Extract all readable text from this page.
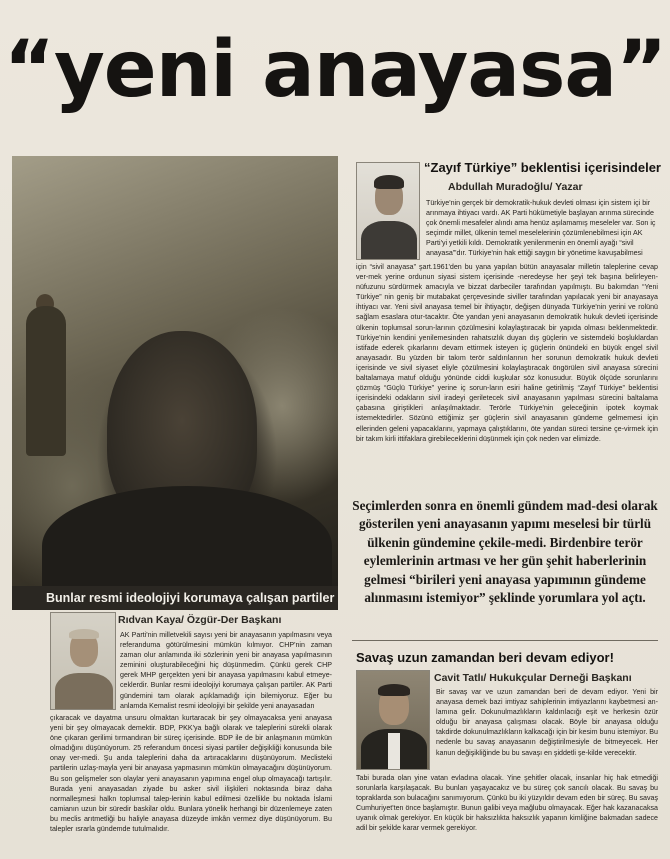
“yeni anayasa”
“Zayıf Türkiye” beklentisi içerisindeler
Abdullah Muradoğlu/ Yazar

Türkiye'nin gerçek bir demokratik-hukuk devleti olması için sistem içi bir

arınmaya ihtiyacı vardı. AK Parti hükümetiyle başlayan arınma sürecinde

çok önemli mesafeler alındı ama henüz aşılamamış meseleler var. Son iç

seçimdir millet, ülkenin temel meselelerinin çözümlenebilmesi için AK

Parti'yi yetkili kıldı. Demokratik yenilenmenin en önemli ayağı “sivil

anayasa”'dır. Türkiye'nin hak ettiği saygın bir yönetime kavuşabilmesi

için “sivil anayasa” şart.1961'den bu yana yapılan bütün anayasalar milletin taleplerine cevap ver-mek yerine ordunun siyasi sistem içerisinde -neredeyse her şeyi tek başına belirleyen- nüfuzunu sürdürmek amacıyla ve bizzat darbeciler tarafından yapılmıştı. Bu bakımdan “Yeni Türkiye” nin geniş bir mutabakat çerçevesinde siviller tarafından yapılacak yeni bir anayasaya ihtiyacı var. Yeni sivil anayasa temel bir ihtiyaçtır, değişen dünyada Türkiye'nin yerini ve rolünü sağlam esaslara otur-tacaktır. Öte yandan yeni anayasanın demokratik hukuk devleti içerisinde ülkenin toplumsal sorun-larının çözülmesini kolaylaştıracak bir yapıda olması beklenmektedir. Türkiye'nin kendini yenilemesinden rahatsızlık duyan dış güçlerin ve sistemdeki boşluklardan istifade ederek çıkarlarını devam ettirmek isteyen iç güçlerin önündeki en büyük engel sivil anayasadır. Bu yüzden bir takım terör saldırılarının her sorunun demokratik hukuk devleti içerisinde ve sivil siyaset eliyle çözülmesini kolaylaştıracak öngörülen sivil anayasa sürecini baltalamaya matuf olduğu yönünde ciddi kuşkular söz konusudur. Büyük ölçüde sorunlarını çözmüş “Güçlü Türkiye” yerine iç sorun-ların esiri haline getirilmiş “Zayıf Türkiye” beklentisi içerisindeki odakların sivil iradeyi geriletecek sivil anayasanın yapılması sürecini baltalama çabasına giriştikleri anlaşılmaktadır. Terörle Türkiye'nin geleceğinin ipotek koymak istemektedirler. Sözünü ettiğimiz şer güçlerin sivil anayasanın gündeme gelmemesi için ellerinden geleni yapacaklarını, yapmaya çalıştıklarını, öte yandan süreci tersine çe-virmek için bir takım kirli ittifaklara girebileceklerini düşünmek için çok neden var elimizde.
Seçimlerden sonra en önemli gündem mad-desi olarak gösterilen yeni anayasanın yapımı meselesi bir türlü ülkenin gündemine çekile-medi. Birdenbire terör eylemlerinin artması ve her gün şehit haberlerinin gelmesi “birileri yeni anayasa yapımının gündeme alınmasını istemiyor” şeklinde yorumlara yol açtı.
Bunlar resmi ideolojiyi korumaya çalışan partiler
Rıdvan Kaya/ Özgür-Der Başkanı
AK Parti'nin milletvekili sayısı yeni bir anayasanın yapılmasını veya referanduma götürülmesini mümkün kılmıyor. CHP'nin zaman zaman olur anlamında iki sözlerinin yeni bir anayasa yapılmasının zeminini oluşturabileceğini hiç düşünmedim. Çünkü gerek CHP gerek MHP gerçekten yeni bir anayasa yapılmasını kabul etmeye-ceklerdir. Bunlar resmi ideolojiyi korumaya çalışan partiler. AK Parti gündemini tam olarak açıklamadığı için bilemiyoruz. Eğer bu anlamda Kemalist resmi ideolojiyi bir şekilde yeni anayasadan
çıkaracak ve dayatma unsuru olmaktan kurtaracak bir şey olmayacaksa yeni anayasa yeni bir şey olmayacak demektir. BDP, PKK'ya bağlı olarak ve taleplerini sürekli olarak öne çıkaran gerilimi tırmandıran bir süreç içerisinde. BDP ile de bir anlaşmanın mümkün olmadığını düşünüyorum. 25 referandum öncesi siyasi partiler değişikliği konusunda bile onay ver-medi. Şu anda taleplerini daha da artıracaklarını düşünüyorum. Meclisteki partilerin uzlaş-mayla yeni bir anayasa yapmasının mümkün olmayacağını düşünüyorum. Bu son gelişmeler son olaylar yeni anayasanın yapımına engel olup olmayacağı tartışılır. Burada yeni anayasadan ziyade bu asker sivil ilişkileri noktasında biraz daha normalleşmesi halkn toplumsal talep-lerinin kabul edilmesi özellikle bu noktada İslami camianın uzun bir süredir baskilar oldu. Bunlara yönelik herhangi bir düzenlemeye zaten bu meclis arıtmetliği bu haliyle anayasa düzeyde imkân vermez diye düşünüyorum. Bu talepler ısrarla gündemde tutulmalıdır.
Savaş uzun zamandan beri devam ediyor!
Cavit Tatlı/ Hukukçular Derneği Başkanı
Bir savaş var ve uzun zamandan beri de devam ediyor. Yeni bir anayasa demek bazi imtiyaz sahiplerinin imtiyazlarını kaybetmesi an-lamına gelir. Dokunulmazlıkların kaldırılacığı eşit ve herkesin özür olduğu bir anayasa çalışması olacak. Böyle bir anayasa olduğu takdirde dokunulmazlıkların kalkacağı için bir kesim bunu istemiyor. Bu nedenle bu savaş anayasanın değiştirilmesiyle de bitmeyecek. Her kanun değişikliğinde bu bu savaşı en şiddetli şe-kilde verecektir.
Tabi burada olan yine vatan evladına olacak. Yine şehitler olacak, insanlar hiç hak etmediği sorunlarla karşılaşacak. Bu bunları yaşayacakız ve bu süreç çok sancılı olacak. Bu savaş bu topraklarda son bulacağını sanımıyorum. Çünkü bu iki yüzyıldır devam eden bir süreç. Bu savaş Cumhuriyet'ten önce başlamıştır. Bunun galibi veya mağlubu olmayacak. Eğer hak kazanacaksa uyanık olmak gerekiyor. En küçük bir haksızlıkta haksızlık yapanın kimliğine bakmadan sadece adil bir şekilde karar vermek gerekiyor.
